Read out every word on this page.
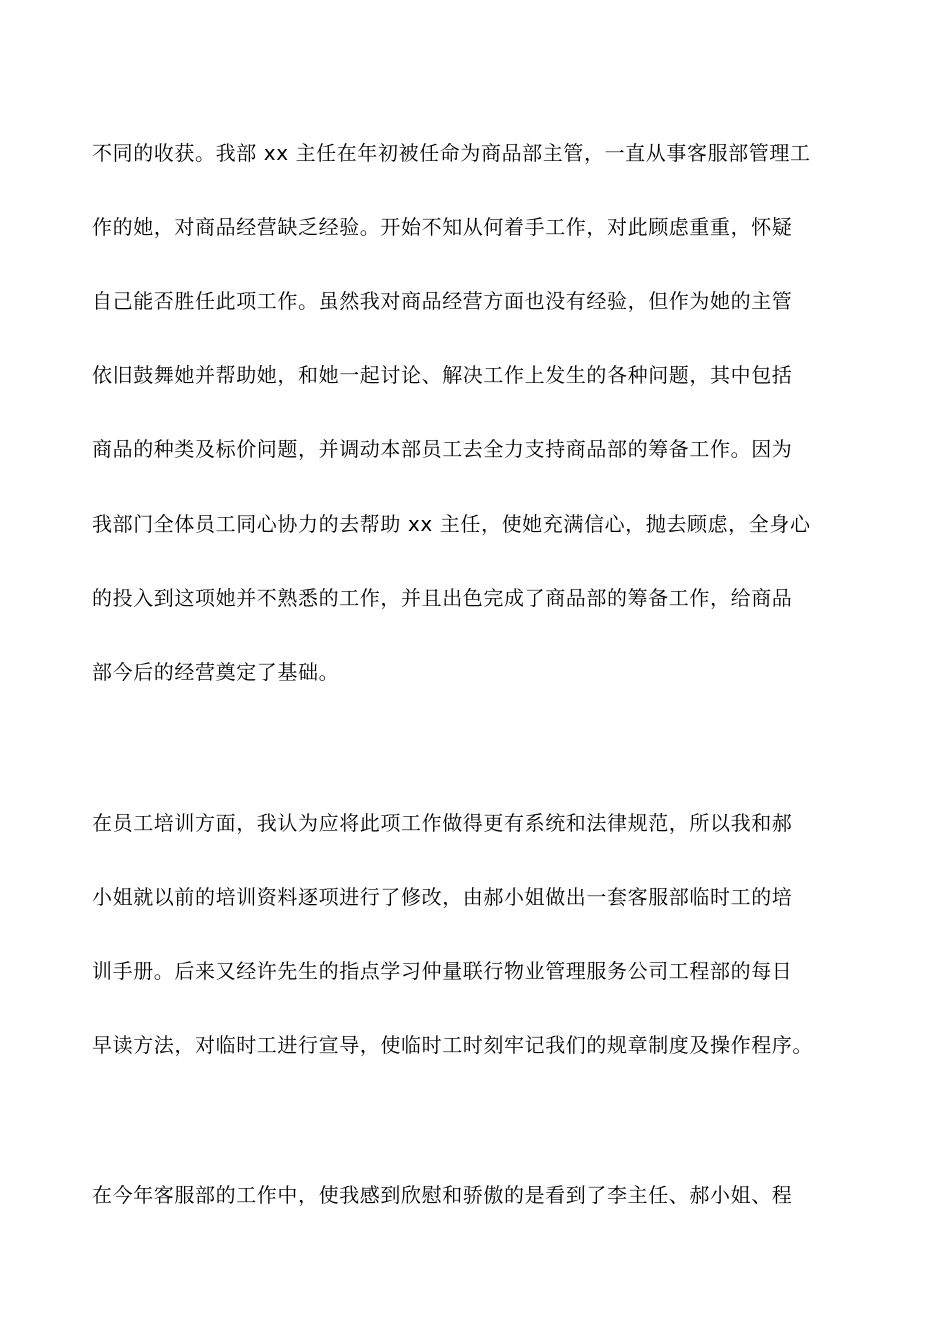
不同的收获。我部 xx 主任在年初被任命为商品部主管，一直从事客服部管理工
作的她，对商品经营缺乏经验。开始不知从何着手工作，对此顾虑重重，怀疑
自己能否胜任此项工作。虽然我对商品经营方面也没有经验，但作为她的主管
依旧鼓舞她并帮助她，和她一起讨论、解决工作上发生的各种问题，其中包括
商品的种类及标价问题，并调动本部员工去全力支持商品部的筹备工作。因为
我部门全体员工同心协力的去帮助 xx 主任，使她充满信心，抛去顾虑，全身心
的投入到这项她并不熟悉的工作，并且出色完成了商品部的筹备工作，给商品
部今后的经营奠定了基础。
在员工培训方面，我认为应将此项工作做得更有系统和法律规范，所以我和郝
小姐就以前的培训资料逐项进行了修改，由郝小姐做出一套客服部临时工的培
训手册。后来又经许先生的指点学习仲量联行物业管理服务公司工程部的每日
早读方法，对临时工进行宣导，使临时工时刻牢记我们的规章制度及操作程序。
在今年客服部的工作中，使我感到欣慰和骄傲的是看到了李主任、郝小姐、程
